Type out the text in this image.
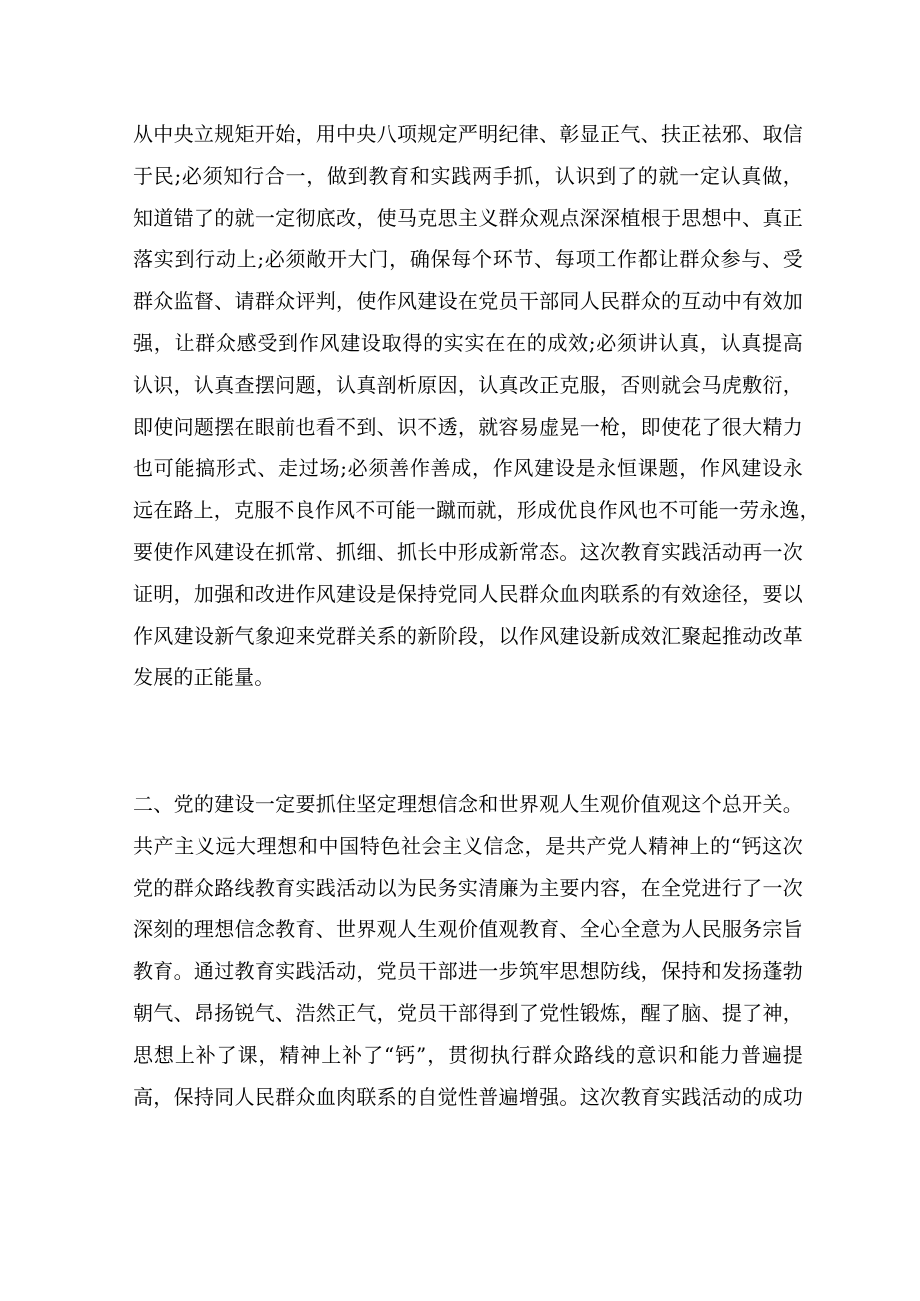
从中央立规矩开始，用中央八项规定严明纪律、彰显正气、扶正祛邪、取信
于民;必须知行合一，做到教育和实践两手抓，认识到了的就一定认真做，
知道错了的就一定彻底改，使马克思主义群众观点深深植根于思想中、真正
落实到行动上;必须敞开大门，确保每个环节、每项工作都让群众参与、受
群众监督、请群众评判，使作风建设在党员干部同人民群众的互动中有效加
强，让群众感受到作风建设取得的实实在在的成效;必须讲认真，认真提高
认识，认真查摆问题，认真剖析原因，认真改正克服，否则就会马虎敷衍，
即使问题摆在眼前也看不到、识不透，就容易虚晃一枪，即使花了很大精力
也可能搞形式、走过场;必须善作善成，作风建设是永恒课题，作风建设永
远在路上，克服不良作风不可能一蹴而就，形成优良作风也不可能一劳永逸，
要使作风建设在抓常、抓细、抓长中形成新常态。这次教育实践活动再一次
证明，加强和改进作风建设是保持党同人民群众血肉联系的有效途径，要以
作风建设新气象迎来党群关系的新阶段，以作风建设新成效汇聚起推动改革
发展的正能量。
二、党的建设一定要抓住坚定理想信念和世界观人生观价值观这个总开关。
共产主义远大理想和中国特色社会主义信念，是共产党人精神上的“钙这次
党的群众路线教育实践活动以为民务实清廉为主要内容，在全党进行了一次
深刻的理想信念教育、世界观人生观价值观教育、全心全意为人民服务宗旨
教育。通过教育实践活动，党员干部进一步筑牢思想防线，保持和发扬蓬勃
朝气、昂扬锐气、浩然正气，党员干部得到了党性锻炼，醒了脑、提了神，
思想上补了课，精神上补了“钙”，贯彻执行群众路线的意识和能力普遍提
高，保持同人民群众血肉联系的自觉性普遍增强。这次教育实践活动的成功
